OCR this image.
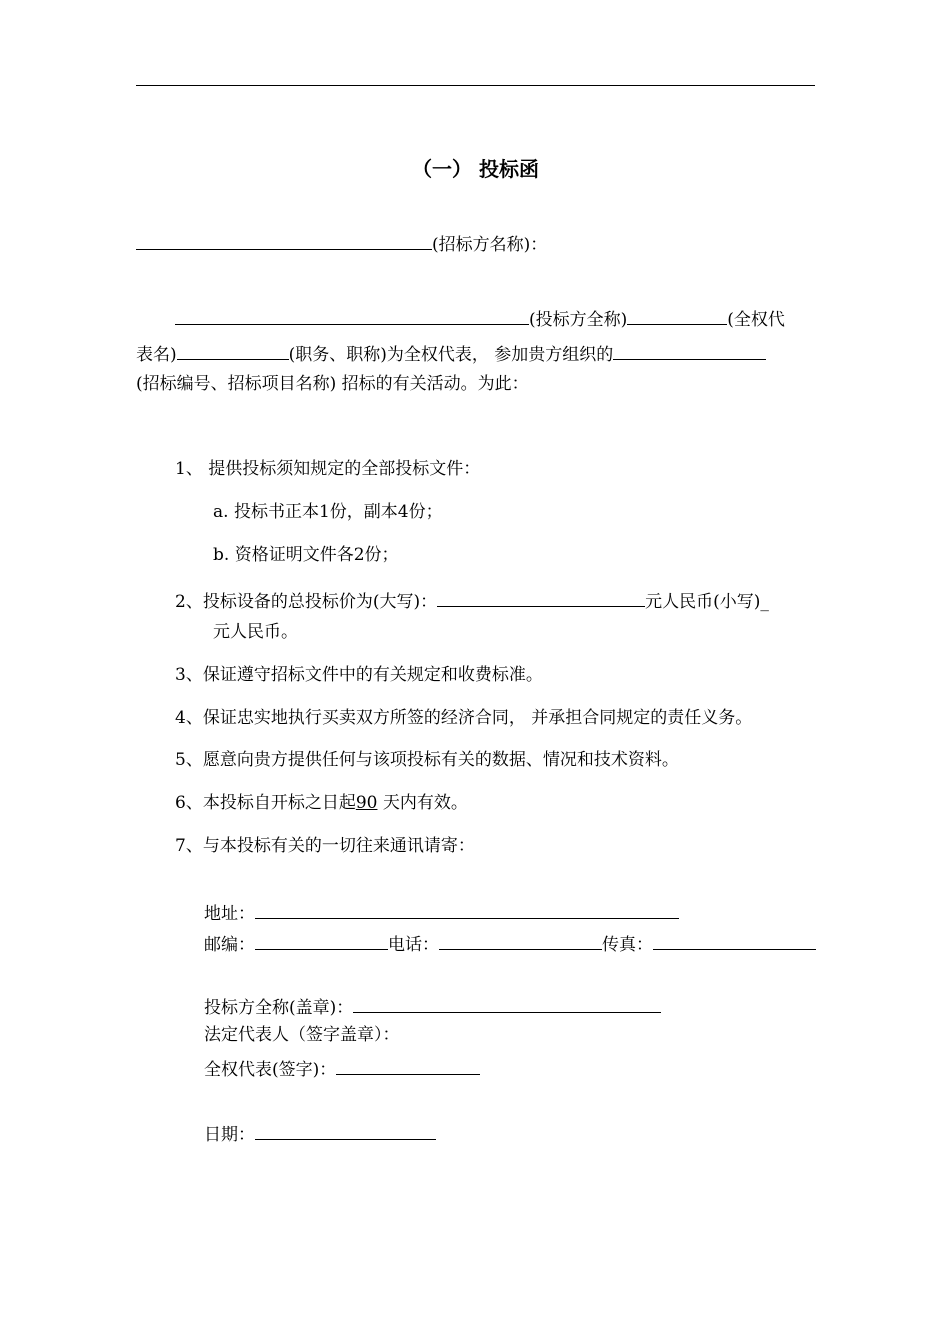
（一） 投标函
(招标方名称)：
(投标方全称)	(全权代
表名)	(职务、职称)为全权代表， 参加贵方组织的
(招标编号、招标项目名称) 招标的有关活动。为此：
1、 提供投标须知规定的全部投标文件：
a. 投标书正本1份，副本4份；
b. 资格证明文件各2份；
2、投标设备的总投标价为(大写)：	元人民币(小写)_
元人民币。
3、保证遵守招标文件中的有关规定和收费标准。
4、保证忠实地执行买卖双方所签的经济合同， 并承担合同规定的责任义务。
5、愿意向贵方提供任何与该项投标有关的数据、情况和技术资料。
6、本投标自开标之日起90 天内有效。
7、与本投标有关的一切往来通讯请寄：
地址：
邮编：	电话：	传真：
投标方全称(盖章)：
法定代表人（签字盖章）：
全权代表(签字)：
日期：
